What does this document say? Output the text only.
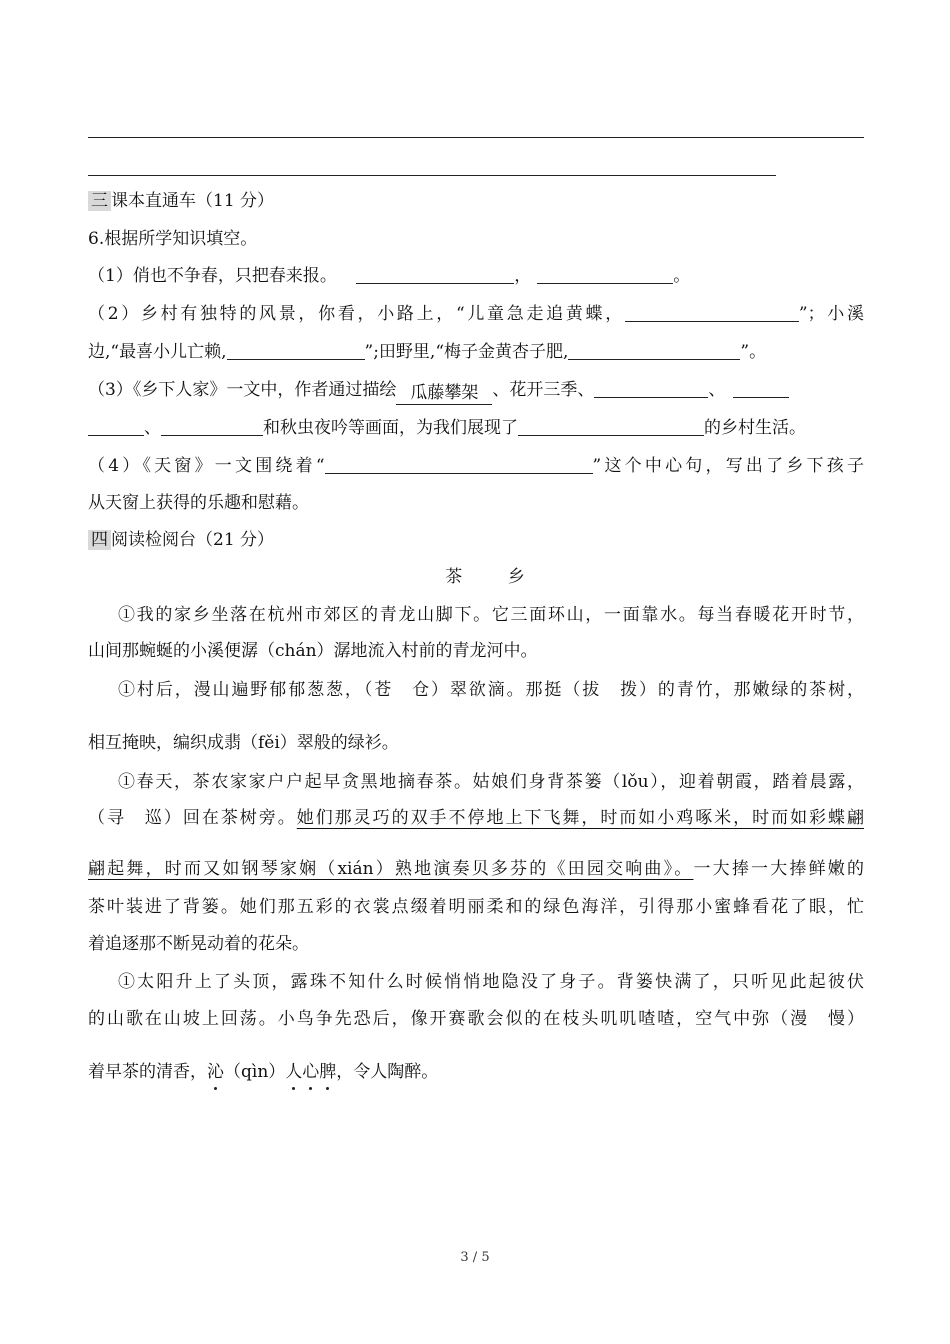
三 课本直通车（11 分）
6.根据所学知识填空。
（1）俏也不争春，只把春来报。	，	。
（2）乡村有独特的风景，你看，小路上，“儿童急走追黄蝶，	”；小溪
边,“最喜小儿亡赖,	”;田野里,“梅子金黄杏子肥,	”。
（3）《乡下人家》一文中，作者通过描绘 瓜藤攀架 、花开三季、	、
、	和秋虫夜吟等画面，为我们展现了	的乡村生活。
（4）《天窗》一文围绕着“	”这个中心句，写出了乡下孩子
从天窗上获得的乐趣和慰藉。
四 阅读检阅台（21 分）
茶 乡
①我的家乡坐落在杭州市郊区的青龙山脚下。它三面环山，一面靠水。每当春暖花开时节，
山间那蜿蜒的小溪便潺（chán）潺地流入村前的青龙河中。
①村后，漫山遍野郁郁葱葱，（苍　仓）翠欲滴。那挺（拔　拨）的青竹，那嫩绿的茶树，
相互掩映，编织成翡（fěi）翠般的绿衫。
①春天，茶农家家户户起早贪黑地摘春茶。姑娘们身背茶篓（lǒu），迎着朝霞，踏着晨露，
（寻　巡）回在茶树旁。她们那灵巧的双手不停地上下飞舞，时而如小鸡啄米，时而如彩蝶翩
翩起舞，时而又如钢琴家娴（xián）熟地演奏贝多芬的《田园交响曲》。一大捧一大捧鲜嫩的
茶叶装进了背篓。她们那五彩的衣裳点缀着明丽柔和的绿色海洋，引得那小蜜蜂看花了眼，忙
着追逐那不断晃动着的花朵。
①太阳升上了头顶，露珠不知什么时候悄悄地隐没了身子。背篓快满了，只听见此起彼伏
的山歌在山坡上回荡。小鸟争先恐后，像开赛歌会似的在枝头叽叽喳喳，空气中弥（漫　慢）
着早茶的清香，沁（qìn）人心脾，令人陶醉。
3 / 5
